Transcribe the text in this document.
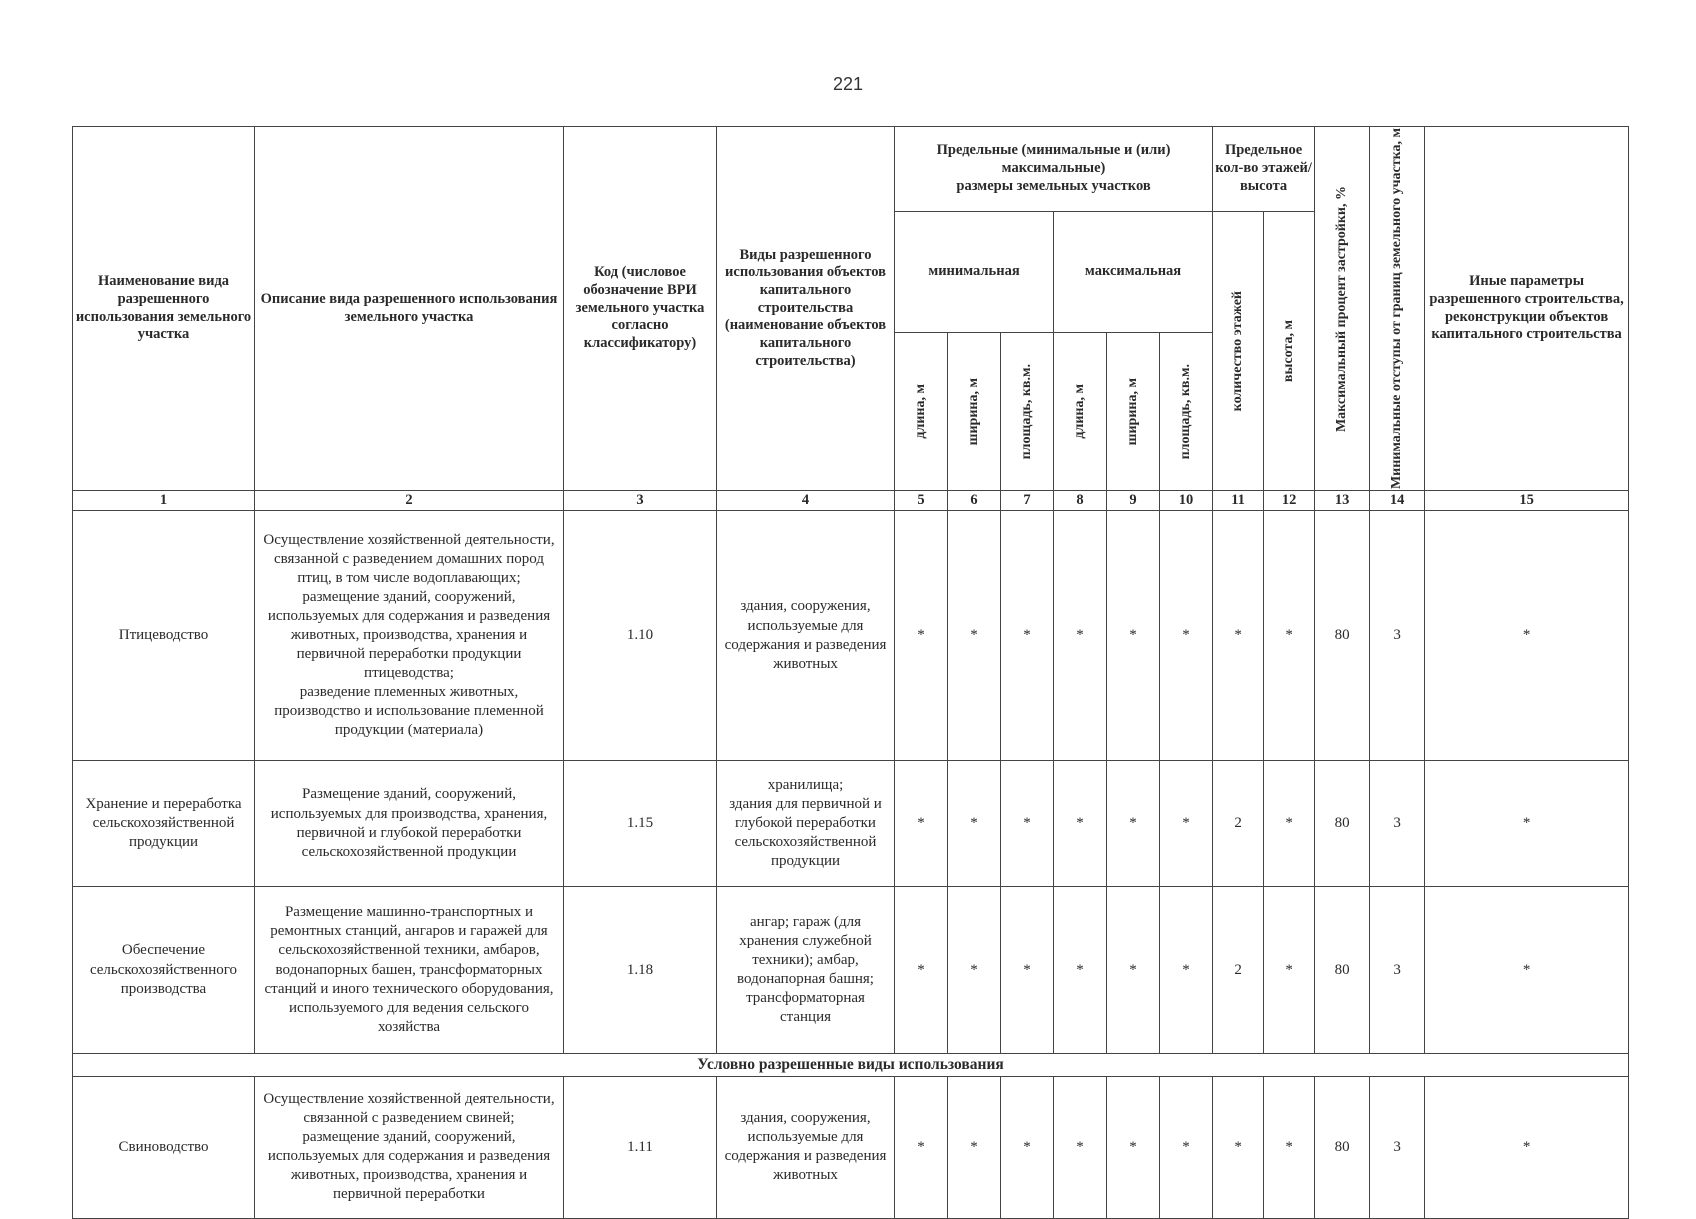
221
Наименование вида разрешенного использования земельного участка	Описание вида разрешенного использования
земельного участка	Код (числовое обозначение ВРИ земельного участка согласно классификатору)	Виды разрешенного использования объектов капитального строительства (наименование объектов капитального строительства)	Предельные (минимальные и (или) максимальные)
размеры земельных участков						Предельное кол-во этажей/ высота		Максимальный процент застройки, %	Минимальные отступы от границ земельного участка, м	Иные параметры разрешенного строительства, реконструкции объектов капитального строительства
				минимальная			максимальная			количество этажей	высота, м			

				длина, м	ширина, м	площадь, кв.м.	длина, м	ширина, м	площадь, кв.м.					

1	2	3	4	5	6	7	8	9	10	11	12	13	14	15
Птицеводство	Осуществление хозяйственной деятельности, связанной с разведением домашних пород птиц, в том числе водоплавающих;
размещение зданий, сооружений, используемых для содержания и разведения животных, производства, хранения и первичной переработки продукции птицеводства;
разведение племенных животных, производство и использование племенной продукции (материала)	1.10	здания, сооружения, используемые для содержания и разведения животных	*	*	*	*	*	*	*	*	80	3	*
Хранение и переработка сельскохозяйственной продукции	Размещение зданий, сооружений, используемых для производства, хранения, первичной и глубокой переработки сельскохозяйственной продукции	1.15	хранилища;
здания для первичной и глубокой переработки сельскохозяйственной продукции	*	*	*	*	*	*	2	*	80	3	*
Обеспечение сельскохозяйственного производства	Размещение машинно-транспортных и ремонтных станций, ангаров и гаражей для сельскохозяйственной техники, амбаров, водонапорных башен, трансформаторных станций и иного технического оборудования, используемого для ведения сельского хозяйства	1.18	ангар; гараж (для хранения служебной техники); амбар, водонапорная башня; трансформаторная станция	*	*	*	*	*	*	2	*	80	3	*
Условно разрешенные виды использования														
Свиноводство	Осуществление хозяйственной деятельности, связанной с разведением свиней;
размещение зданий, сооружений, используемых для содержания и разведения животных, производства, хранения и первичной переработки	1.11	здания, сооружения, используемые для содержания и разведения животных	*	*	*	*	*	*	*	*	80	3	*
